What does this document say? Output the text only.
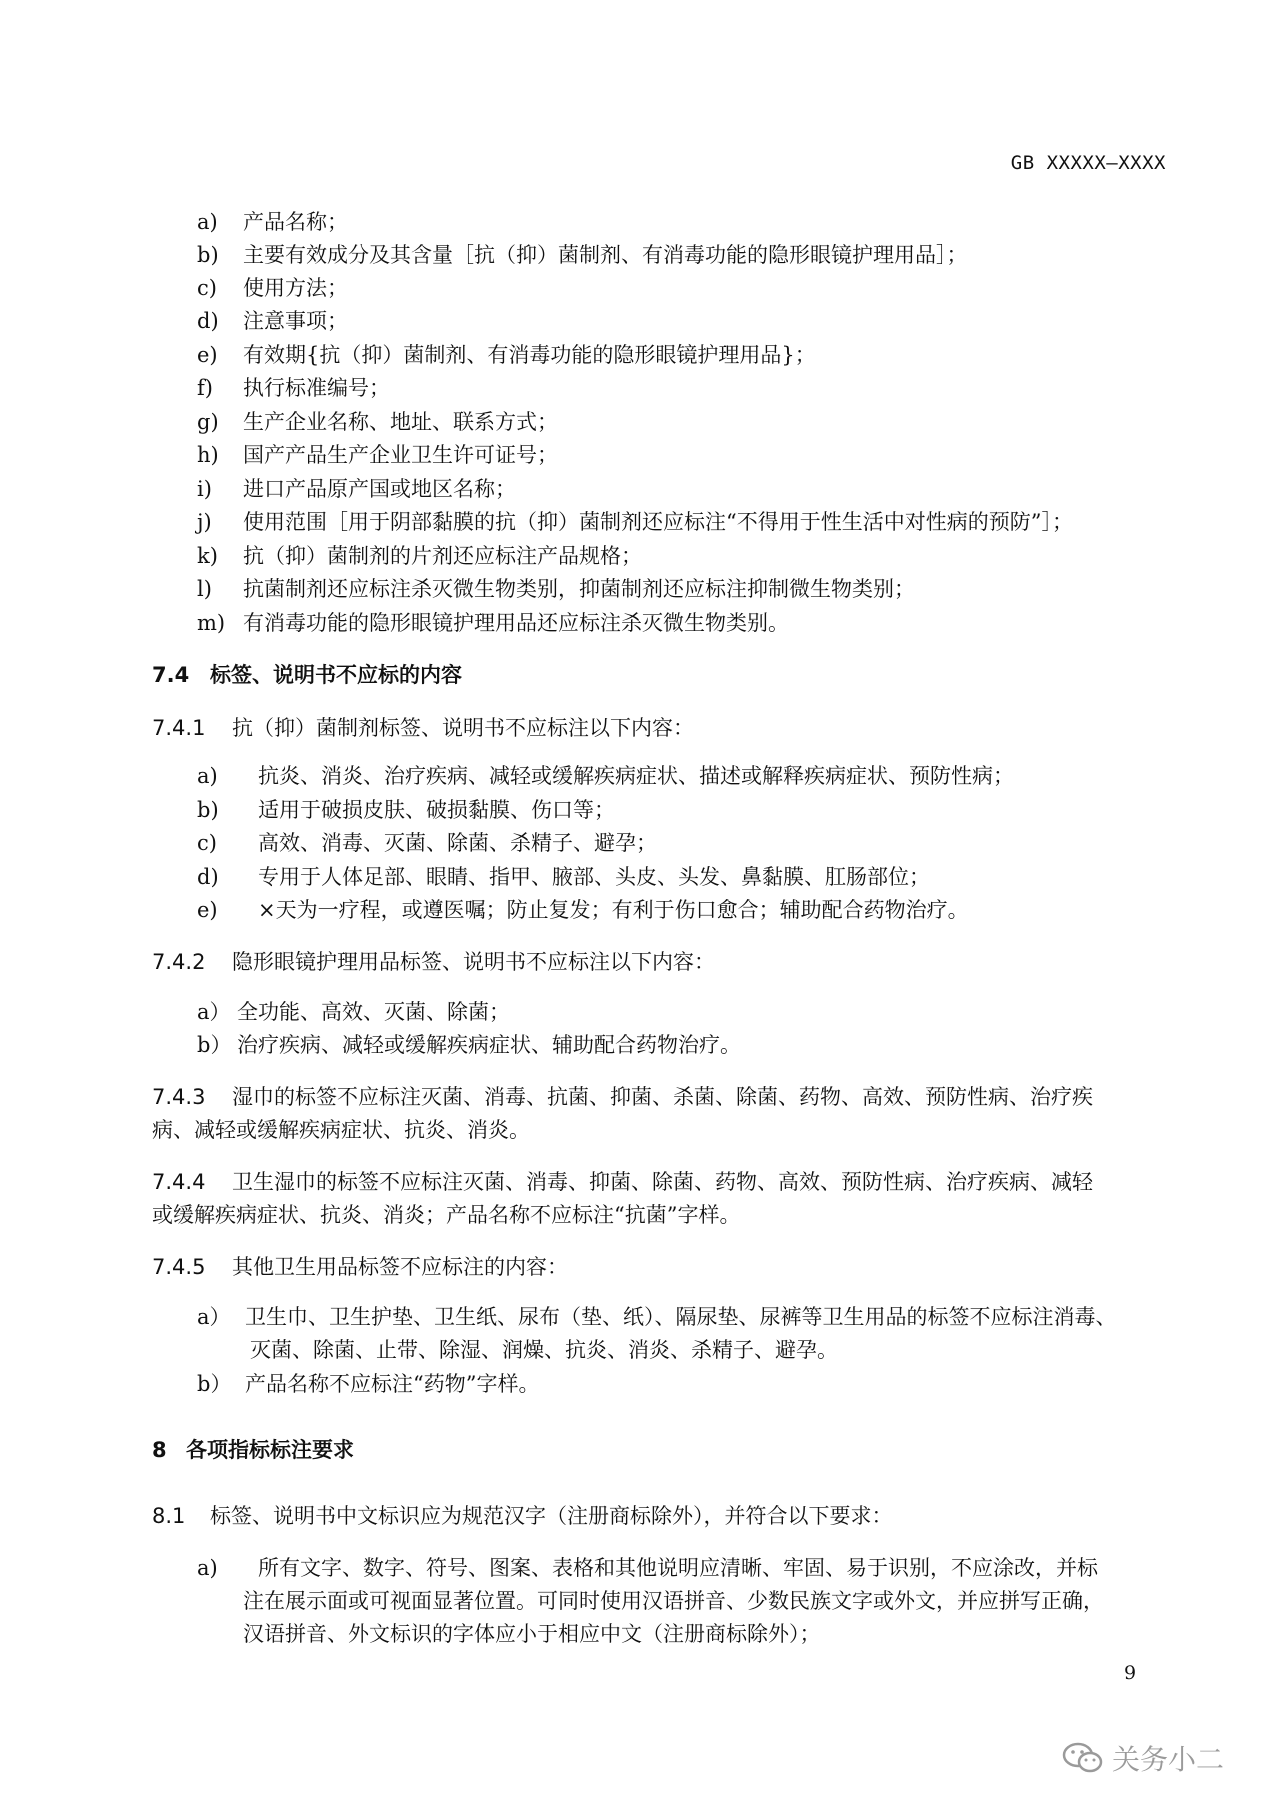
GB XXXXX—XXXX
a) 产品名称；
b) 主要有效成分及其含量［抗（抑）菌制剂、有消毒功能的隐形眼镜护理用品］；
c) 使用方法；
d) 注意事项；
e) 有效期{抗（抑）菌制剂、有消毒功能的隐形眼镜护理用品}；
f) 执行标准编号；
g) 生产企业名称、地址、联系方式；
h) 国产产品生产企业卫生许可证号；
i) 进口产品原产国或地区名称；
j) 使用范围［用于阴部黏膜的抗（抑）菌制剂还应标注“不得用于性生活中对性病的预防”］；
k) 抗（抑）菌制剂的片剂还应标注产品规格；
l) 抗菌制剂还应标注杀灭微生物类别，抑菌制剂还应标注抑制微生物类别；
m) 有消毒功能的隐形眼镜护理用品还应标注杀灭微生物类别。
7.4 标签、说明书不应标的内容
7.4.1 抗（抑）菌制剂标签、说明书不应标注以下内容：
a) 抗炎、消炎、治疗疾病、减轻或缓解疾病症状、描述或解释疾病症状、预防性病；
b) 适用于破损皮肤、破损黏膜、伤口等；
c) 高效、消毒、灭菌、除菌、杀精子、避孕；
d) 专用于人体足部、眼睛、指甲、腋部、头皮、头发、鼻黏膜、肛肠部位；
e) ×天为一疗程，或遵医嘱；防止复发；有利于伤口愈合；辅助配合药物治疗。
7.4.2 隐形眼镜护理用品标签、说明书不应标注以下内容：
a） 全功能、高效、灭菌、除菌；
b） 治疗疾病、减轻或缓解疾病症状、辅助配合药物治疗。
7.4.3 湿巾的标签不应标注灭菌、消毒、抗菌、抑菌、杀菌、除菌、药物、高效、预防性病、治疗疾
病、减轻或缓解疾病症状、抗炎、消炎。
7.4.4 卫生湿巾的标签不应标注灭菌、消毒、抑菌、除菌、药物、高效、预防性病、治疗疾病、减轻
或缓解疾病症状、抗炎、消炎；产品名称不应标注“抗菌”字样。
7.4.5 其他卫生用品标签不应标注的内容：
a） 卫生巾、卫生护垫、卫生纸、尿布（垫、纸）、隔尿垫、尿裤等卫生用品的标签不应标注消毒、
灭菌、除菌、止带、除湿、润燥、抗炎、消炎、杀精子、避孕。
b） 产品名称不应标注“药物”字样。
8 各项指标标注要求
8.1 标签、说明书中文标识应为规范汉字（注册商标除外），并符合以下要求：
a) 所有文字、数字、符号、图案、表格和其他说明应清晰、牢固、易于识别，不应涂改，并标
注在展示面或可视面显著位置。可同时使用汉语拼音、少数民族文字或外文，并应拼写正确，
汉语拼音、外文标识的字体应小于相应中文（注册商标除外）；
9
关务小二
